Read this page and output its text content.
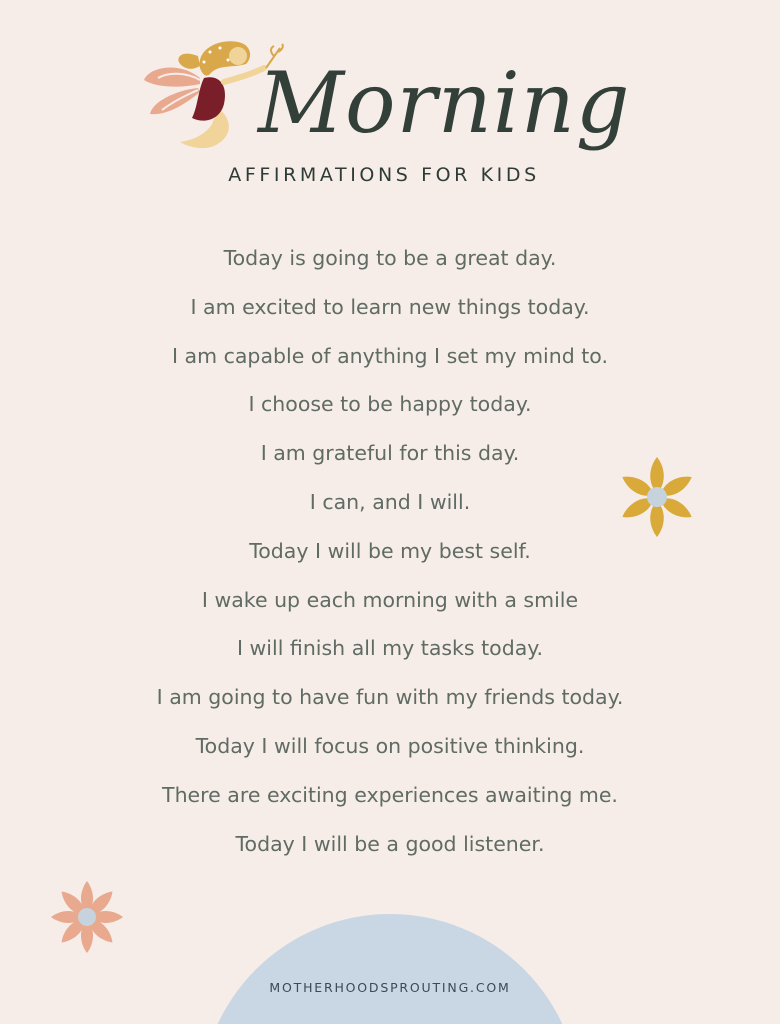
Morning
AFFIRMATIONS FOR KIDS
Today is going to be a great day.
I am excited to learn new things today.
I am capable of anything I set my mind to.
I choose to be happy today.
I am grateful for this day.
I can, and I will.
Today I will be my best self.
I wake up each morning with a smile
I will finish all my tasks today.
I am going to have fun with my friends today.
Today I will focus on positive thinking.
There are exciting experiences awaiting me.
Today I will be a good listener.
MOTHERHOODSPROUTING.COM
